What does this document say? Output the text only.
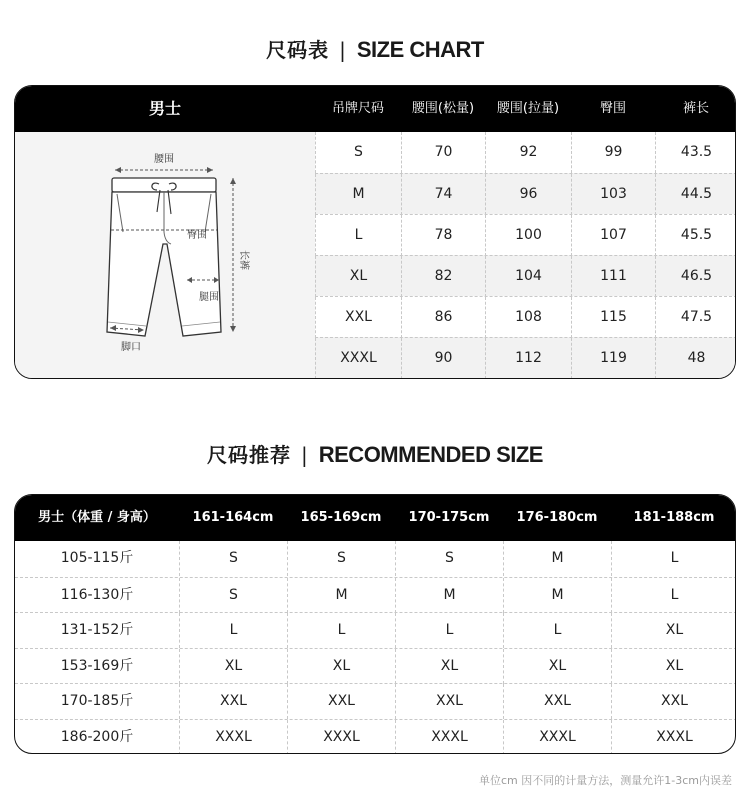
尺码表 | SIZE CHART
男士	吊牌尺码	腰围(松量)	腰围(拉量)	臀围	裤长
腰围
臀围
长裤
腿围
脚口
S	70	92	99	43.5
M	74	96	103	44.5
L	78	100	107	45.5
XL	82	104	111	46.5
XXL	86	108	115	47.5
XXXL	90	112	119	48
尺码推荐 | RECOMMENDED SIZE
男士（体重 / 身高）	161-164cm	165-169cm	170-175cm	176-180cm	181-188cm
105-115斤	S	S	S	M	L
116-130斤	S	M	M	M	L
131-152斤	L	L	L	L	XL
153-169斤	XL	XL	XL	XL	XL
170-185斤	XXL	XXL	XXL	XXL	XXL
186-200斤	XXXL	XXXL	XXXL	XXXL	XXXL
单位cm 因不同的计量方法，测量允许1-3cm内误差
